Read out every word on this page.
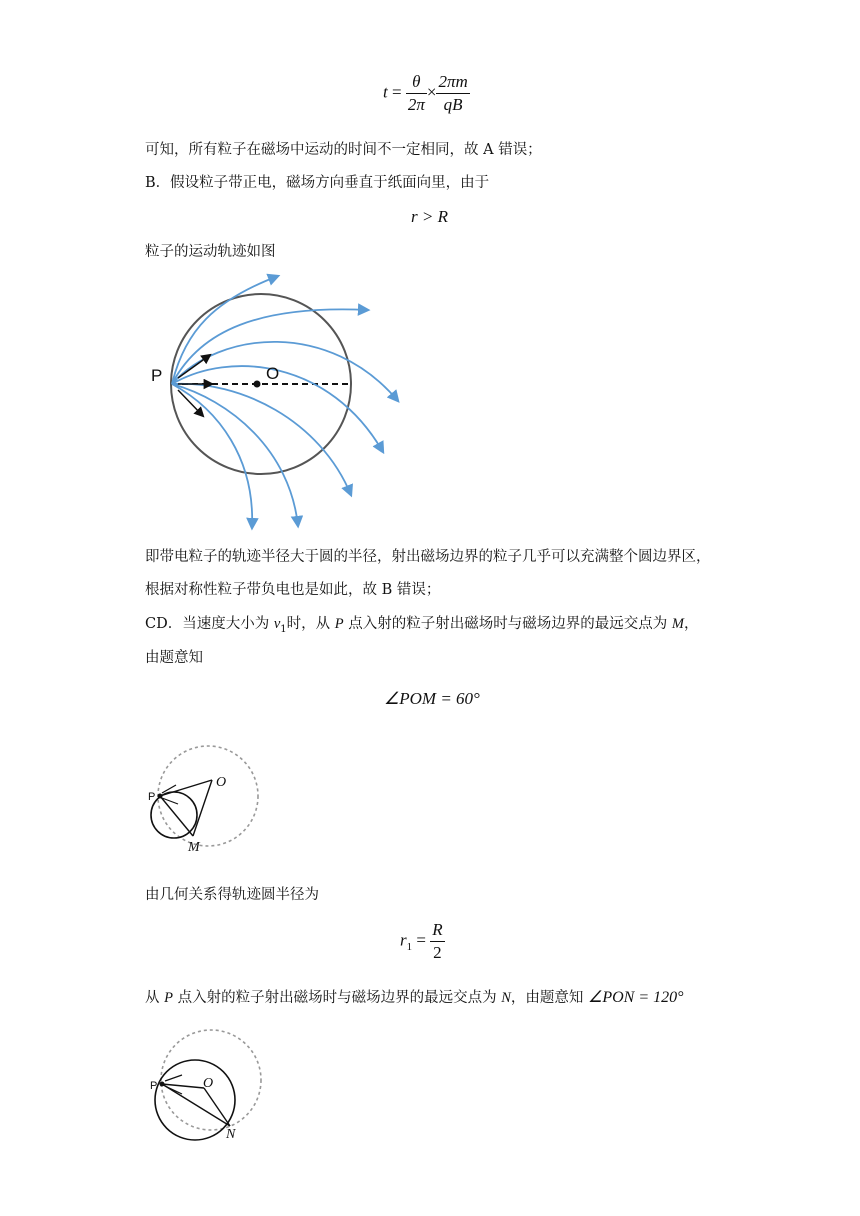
$t = \frac{\theta}{2\pi} \times \frac{2\pi m}{qB}$
可知，所有粒子在磁场中运动的时间不一定相同，故 A 错误；
B．假设粒子带正电，磁场方向垂直于纸面向里，由于
r > R
粒子的运动轨迹如图
P	O
即带电粒子的轨迹半径大于圆的半径，射出磁场边界的粒子几乎可以充满整个圆边界区，
根据对称性粒子带负电也是如此，故 B 错误；
CD．当速度大小为 $v_1$时，从 P 点入射的粒子射出磁场时与磁场边界的最远交点为 M，
由题意知
∠POM = 60°
P
O
M
由几何关系得轨迹圆半径为
$r_1 = \frac{R}{2}$
从 P 点入射的粒子射出磁场时与磁场边界的最远交点为 N，由题意知 ∠PON = 120°
P	O
N
